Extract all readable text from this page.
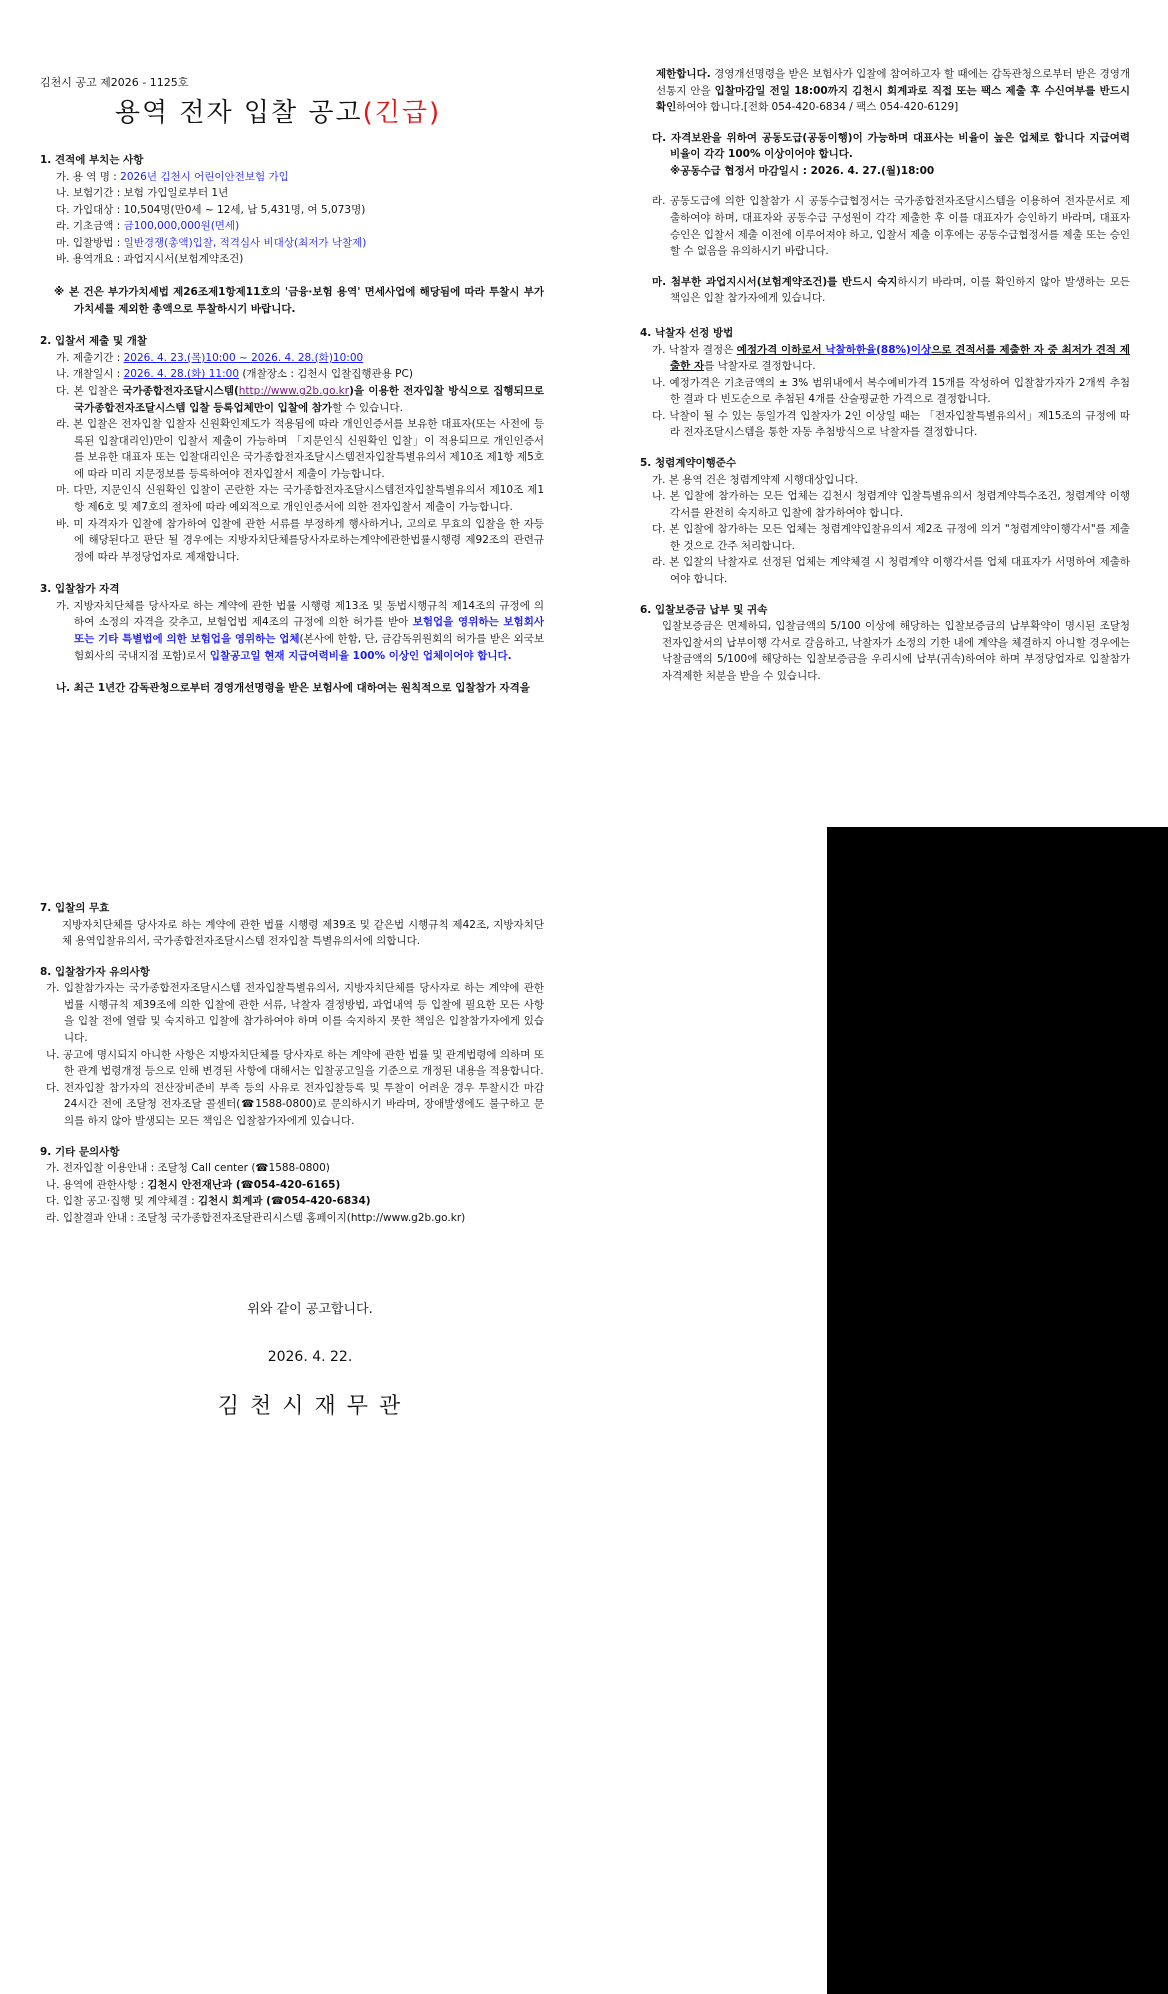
김천시 공고 제2026 - 1125호
용역 전자 입찰 공고(긴급)

1. 견적에 부치는 사항

가. 용 역 명 : 2026년 김천시 어린이안전보험 가입

나. 보험기간 : 보험 가입일로부터 1년

다. 가입대상 : 10,504명(만0세 ~ 12세, 남 5,431명, 여 5,073명)

라. 기초금액 : 금100,000,000원(면세)

마. 입찰방법 : 일반경쟁(총액)입찰, 적격심사 비대상(최저가 낙찰제)

바. 용역개요 : 과업지시서(보험계약조건)

※ 본 건은 부가가치세법 제26조제1항제11호의 '금융·보험 용역' 면세사업에 해당됨에 따라 투찰시 부가가치세를 제외한 총액으로 투찰하시기 바랍니다.

2. 입찰서 제출 및 개찰

가. 제출기간 : 2026. 4. 23.(목)10:00 ~ 2026. 4. 28.(화)10:00

나. 개찰일시 : 2026. 4. 28.(화) 11:00 (개찰장소 : 김천시 입찰집행관용 PC)

다. 본 입찰은 국가종합전자조달시스템(http://www.g2b.go.kr)을 이용한 전자입찰 방식으로 집행되므로 국가종합전자조달시스템 입찰 등록업체만이 입찰에 참가할 수 있습니다.

라. 본 입찰은 전자입찰 입찰자 신원확인제도가 적용됨에 따라 개인인증서를 보유한 대표자(또는 사전에 등록된 입찰대리인)만이 입찰서 제출이 가능하며 「지문인식 신원확인 입찰」이 적용되므로 개인인증서를 보유한 대표자 또는 입찰대리인은 국가종합전자조달시스템전자입찰특별유의서 제10조 제1항 제5호에 따라 미리 지문정보를 등록하여야 전자입찰서 제출이 가능합니다.

마. 다만, 지문인식 신원확인 입찰이 곤란한 자는 국가종합전자조달시스템전자입찰특별유의서 제10조 제1항 제6호 및 제7호의 절차에 따라 예외적으로 개인인증서에 의한 전자입찰서 제출이 가능합니다.

바. 미 자격자가 입찰에 참가하여 입찰에 관한 서류를 부정하게 행사하거나, 고의로 무효의 입찰을 한 자등에 해당된다고 판단 될 경우에는 지방자치단체를당사자로하는계약에관한법률시행령 제92조의 관련규정에 따라 부정당업자로 제재합니다.

3. 입찰참가 자격

가. 지방자치단체를 당사자로 하는 계약에 관한 법률 시행령 제13조 및 동법시행규칙 제14조의 규정에 의하여 소정의 자격을 갖추고, 보험업법 제4조의 규정에 의한 허가를 받아 보험업을 영위하는 보험회사 또는 기타 특별법에 의한 보험업을 영위하는 업체(본사에 한함, 단, 금감독위원회의 허가를 받은 외국보험회사의 국내지점 포함)로서 입찰공고일 현재 지급여력비율 100% 이상인 업체이어야 합니다.

나. 최근 1년간 감독관청으로부터 경영개선명령을 받은 보험사에 대하여는 원칙적으로 입찰참가 자격을

제한합니다. 경영개선명령을 받은 보험사가 입찰에 참여하고자 할 때에는 감독관청으로부터 받은 경영개선통지 안을 입찰마감일 전일 18:00까지 김천시 회계과로 직접 또는 팩스 제출 후 수신여부를 반드시 확인하여야 합니다.[전화 054-420-6834 / 팩스 054-420-6129]

다. 자격보완을 위하여 공동도급(공동이행)이 가능하며 대표사는 비율이 높은 업체로 합니다 지급여력 비율이 각각 100% 이상이어야 합니다.

※공동수급 협정서 마감일시 : 2026. 4. 27.(월)18:00

라. 공동도급에 의한 입찰참가 시 공동수급협정서는 국가종합전자조달시스템을 이용하여 전자문서로 제출하여야 하며, 대표자와 공동수급 구성원이 각각 제출한 후 이를 대표자가 승인하기 바라며, 대표자 승인은 입찰서 제출 이전에 이루어져야 하고, 입찰서 제출 이후에는 공동수급협정서를 제출 또는 승인 할 수 없음을 유의하시기 바랍니다.

마. 첨부한 과업지시서(보험계약조건)를 반드시 숙지하시기 바라며, 이를 확인하지 않아 발생하는 모든 책임은 입찰 참가자에게 있습니다.

4. 낙찰자 선정 방법

가. 낙찰자 결정은 예정가격 이하로서 낙찰하한율(88%)이상으로 견적서를 제출한 자 중 최저가 견적 제출한 자를 낙찰자로 결정합니다.

나. 예정가격은 기초금액의 ± 3% 범위내에서 복수예비가격 15개를 작성하여 입찰참가자가 2개씩 추첨한 결과 다 빈도순으로 추첨된 4개를 산술평균한 가격으로 결정합니다.

다. 낙찰이 될 수 있는 동일가격 입찰자가 2인 이상일 때는 「전자입찰특별유의서」제15조의 규정에 따라 전자조달시스템을 통한 자동 추첨방식으로 낙찰자를 결정합니다.

5. 청렴계약이행준수

가. 본 용역 건은 청렴계약제 시행대상입니다.

나. 본 입찰에 참가하는 모든 업체는 김천시 청렴계약 입찰특별유의서 청렴계약특수조건, 청렴계약 이행각서를 완전히 숙지하고 입찰에 참가하여야 합니다.

다. 본 입찰에 참가하는 모든 업체는 청렴계약입찰유의서 제2조 규정에 의거 "청렴계약이행각서"를 제출한 것으로 간주 처리합니다.

라. 본 입찰의 낙찰자로 선정된 업체는 계약체결 시 청렴계약 이행각서를 업체 대표자가 서명하여 제출하여야 합니다.

6. 입찰보증금 납부 및 귀속

입찰보증금은 면제하되, 입찰금액의 5/100 이상에 해당하는 입찰보증금의 납부확약이 명시된 조달청 전자입찰서의 납부이행 각서로 갈음하고, 낙찰자가 소정의 기한 내에 계약을 체결하지 아니할 경우에는 낙찰금액의 5/100에 해당하는 입찰보증금을 우리시에 납부(귀속)하여야 하며 부정당업자로 입찰참가자격제한 처분을 받을 수 있습니다.

7. 입찰의 무효

지방자치단체를 당사자로 하는 계약에 관한 법률 시행령 제39조 및 같은법 시행규칙 제42조, 지방자치단체 용역입찰유의서, 국가종합전자조달시스템 전자입찰 특별유의서에 의합니다.

8. 입찰참가자 유의사항

가. 입찰참가자는 국가종합전자조달시스템 전자입찰특별유의서, 지방자치단체를 당사자로 하는 계약에 관한 법률 시행규칙 제39조에 의한 입찰에 관한 서류, 낙찰자 결정방법, 과업내역 등 입찰에 필요한 모든 사항을 입찰 전에 열람 및 숙지하고 입찰에 참가하여야 하며 이를 숙지하지 못한 책임은 입찰참가자에게 있습니다.

나. 공고에 명시되지 아니한 사항은 지방자치단체를 당사자로 하는 계약에 관한 법률 및 관계법령에 의하며 또한 관계 법령개정 등으로 인해 변경된 사항에 대해서는 입찰공고일을 기준으로 개정된 내용을 적용합니다.

다. 전자입찰 참가자의 전산장비준비 부족 등의 사유로 전자입찰등록 및 투찰이 어려운 경우 투찰시간 마감 24시간 전에 조달청 전자조달 콜센터(☎1588-0800)로 문의하시기 바라며, 장애발생에도 불구하고 문의를 하지 않아 발생되는 모든 책임은 입찰참가자에게 있습니다.

9. 기타 문의사항

가. 전자입찰 이용안내 : 조달청 Call center (☎1588-0800)

나. 용역에 관한사항 : 김천시 안전재난과 (☎054-420-6165)

다. 입찰 공고·집행 및 계약체결 : 김천시 회계과 (☎054-420-6834)

라. 입찰결과 안내 : 조달청 국가종합전자조달관리시스템 홈페이지(http://www.g2b.go.kr)

위와 같이 공고합니다.
2026. 4. 22.
김 천 시 재 무 관
